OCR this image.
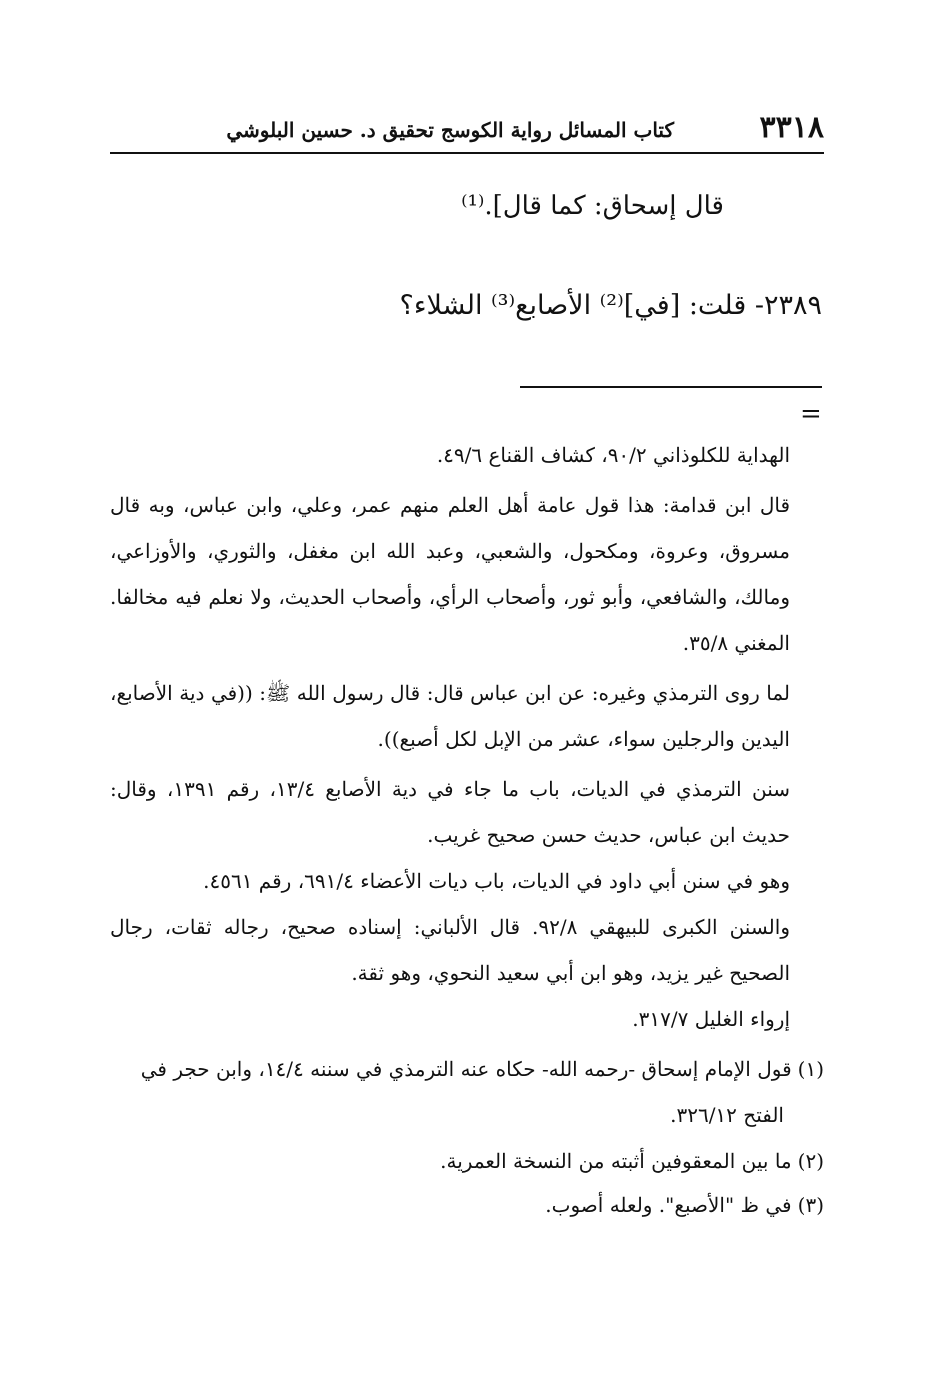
٣٣١٨
كتاب المسائل رواية الكوسج تحقيق د. حسين البلوشي
قال إسحاق: كما قال].⁽¹⁾
٢٣٨٩- قلت: [في]⁽²⁾ الأصابع⁽³⁾ الشلاء؟
=

الهداية للكلوذاني ٩٠/٢، كشاف القناع ٤٩/٦.

قال ابن قدامة: هذا قول عامة أهل العلم منهم عمر، وعلي، وابن عباس، وبه قال مسروق، وعروة، ومكحول، والشعبي، وعبد الله ابن مغفل، والثوري، والأوزاعي، ومالك، والشافعي، وأبو ثور، وأصحاب الرأي، وأصحاب الحديث، ولا نعلم فيه مخالفا. المغني ٣٥/٨.

لما روى الترمذي وغيره: عن ابن عباس قال: قال رسول الله ﷺ: ((في دية الأصابع، اليدين والرجلين سواء، عشر من الإبل لكل أصبع)).

سنن الترمذي في الديات، باب ما جاء في دية الأصابع ١٣/٤، رقم ١٣٩١، وقال: حديث ابن عباس، حديث حسن صحيح غريب.

وهو في سنن أبي داود في الديات، باب ديات الأعضاء ٦٩١/٤، رقم ٤٥٦١.

والسنن الكبرى للبيهقي ٩٢/٨. قال الألباني: إسناده صحيح، رجاله ثقات، رجال الصحيح غير يزيد، وهو ابن أبي سعيد النحوي، وهو ثقة.

إرواء الغليل ٣١٧/٧.

(١)قول الإمام إسحاق -رحمه الله- حكاه عنه الترمذي في سننه ١٤/٤، وابن حجر في
الفتح ٣٢٦/١٢.
(٢)ما بين المعقوفين أثبته من النسخة العمرية.
(٣)في ظ "الأصبع". ولعله أصوب.
